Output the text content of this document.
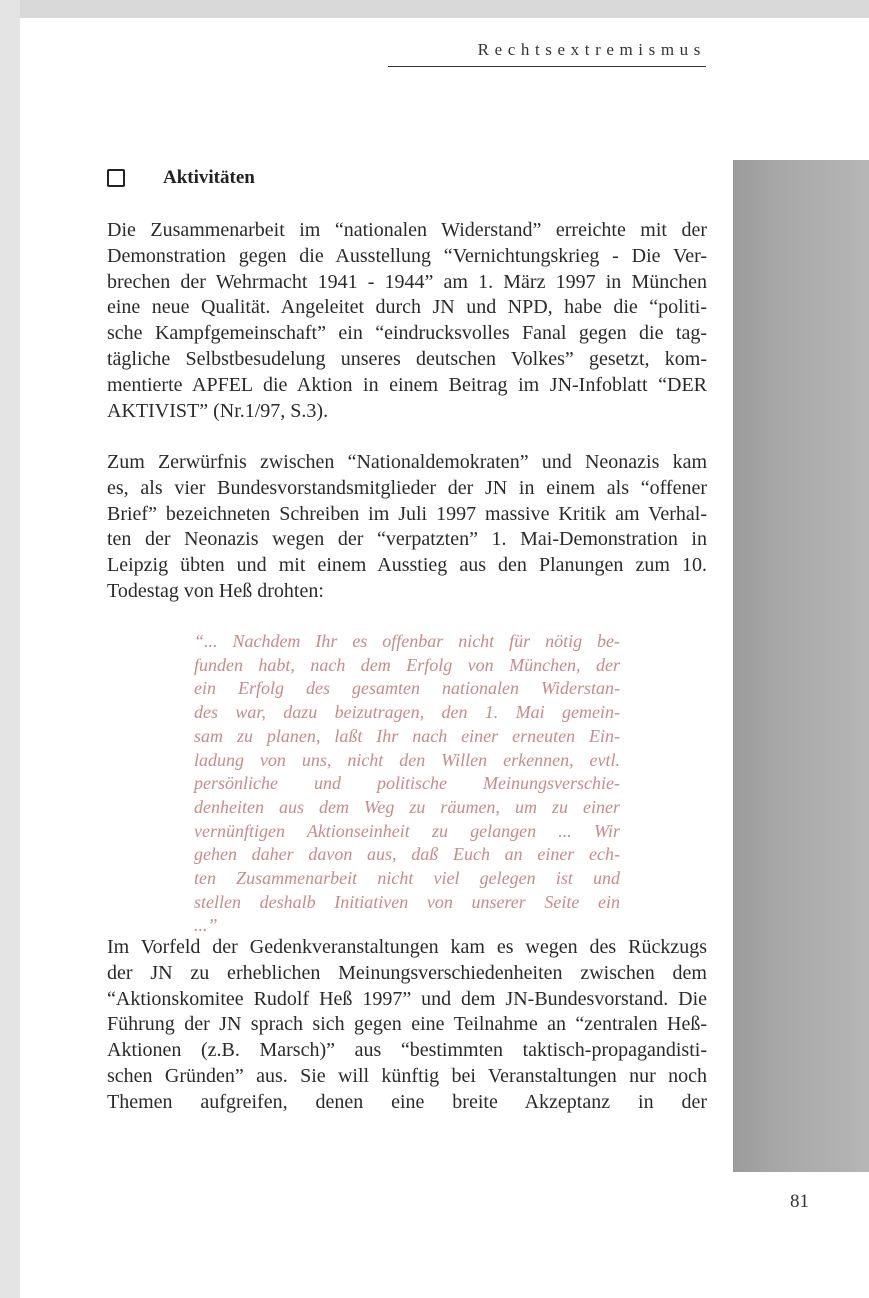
Rechtsextremismus
Aktivitäten

Die Zusammenarbeit im “nationalen Widerstand” erreichte mit der
Demonstration gegen die Ausstellung “Vernichtungskrieg - Die Ver-
brechen der Wehrmacht 1941 - 1944” am 1. März 1997 in München
eine neue Qualität. Angeleitet durch JN und NPD, habe die “politi-
sche Kampfgemeinschaft” ein “eindrucksvolles Fanal gegen die tag-
tägliche Selbstbesudelung unseres deutschen Volkes” gesetzt, kom-
mentierte APFEL die Aktion in einem Beitrag im JN-Infoblatt “DER
AKTIVIST” (Nr.1/97, S.3).

Zum Zerwürfnis zwischen “Nationaldemokraten” und Neonazis kam
es, als vier Bundesvorstandsmitglieder der JN in einem als “offener
Brief” bezeichneten Schreiben im Juli 1997 massive Kritik am Verhal-
ten der Neonazis wegen der “verpatzten” 1. Mai-Demonstration in
Leipzig übten und mit einem Ausstieg aus den Planungen zum 10.
Todestag von Heß drohten:

“... Nachdem Ihr es offenbar nicht für nötig be-
funden habt, nach dem Erfolg von München, der
ein Erfolg des gesamten nationalen Widerstan-
des war, dazu beizutragen, den 1. Mai gemein-
sam zu planen, laßt Ihr nach einer erneuten Ein-
ladung von uns, nicht den Willen erkennen, evtl.
persönliche und politische Meinungsverschie-
denheiten aus dem Weg zu räumen, um zu einer
vernünftigen Aktionseinheit zu gelangen ... Wir
gehen daher davon aus, daß Euch an einer ech-
ten Zusammenarbeit nicht viel gelegen ist und
stellen deshalb Initiativen von unserer Seite ein
...”

Im Vorfeld der Gedenkveranstaltungen kam es wegen des Rückzugs
der JN zu erheblichen Meinungsverschiedenheiten zwischen dem
“Aktionskomitee Rudolf Heß 1997” und dem JN-Bundesvorstand. Die
Führung der JN sprach sich gegen eine Teilnahme an “zentralen Heß-
Aktionen (z.B. Marsch)” aus “bestimmten taktisch-propagandisti-
schen Gründen” aus. Sie will künftig bei Veranstaltungen nur noch
Themen aufgreifen, denen eine breite Akzeptanz in der

81
